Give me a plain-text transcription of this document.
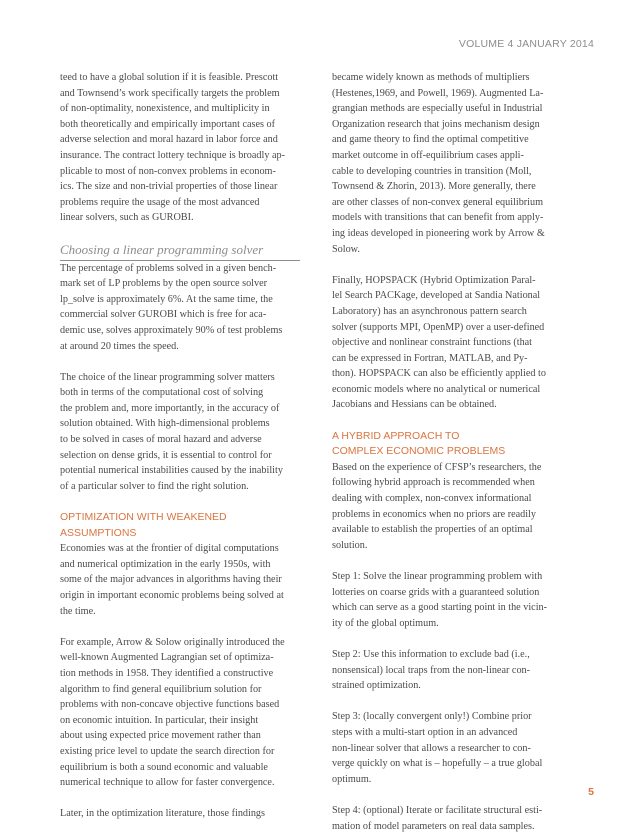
VOLUME 4 JANUARY 2014

teed to have a global solution if it is feasible. Prescott
and Townsend’s work specifically targets the problem
of non-optimality, nonexistence, and multiplicity in
both theoretically and empirically important cases of
adverse selection and moral hazard in labor force and
insurance. The contract lottery technique is broadly ap-
plicable to most of non-convex problems in econom-
ics. The size and non-trivial properties of those linear
problems require the usage of the most advanced
linear solvers, such as GUROBI.

Choosing a linear programming solver

The percentage of problems solved in a given bench-
mark set of LP problems by the open source solver
lp_solve is approximately 6%. At the same time, the
commercial solver GUROBI which is free for aca-
demic use, solves approximately 90% of test problems
at around 20 times the speed.

The choice of the linear programming solver matters
both in terms of the computational cost of solving
the problem and, more importantly, in the accuracy of
solution obtained. With high-dimensional problems
to be solved in cases of moral hazard and adverse
selection on dense grids, it is essential to control for
potential numerical instabilities caused by the inability
of a particular solver to find the right solution.

OPTIMIZATION WITH WEAKENED
ASSUMPTIONS

Economies was at the frontier of digital computations
and numerical optimization in the early 1950s, with
some of the major advances in algorithms having their
origin in important economic problems being solved at
the time.

For example, Arrow & Solow originally introduced the
well-known Augmented Lagrangian set of optimiza-
tion methods in 1958. They identified a constructive
algorithm to find general equilibrium solution for
problems with non-concave objective functions based
on economic intuition. In particular, their insight
about using expected price movement rather than
existing price level to update the search direction for
equilibrium is both a sound economic and valuable
numerical technique to allow for faster convergence.

Later, in the optimization literature, those findings

became widely known as methods of multipliers
(Hestenes,1969, and Powell, 1969). Augmented La-
grangian methods are especially useful in Industrial
Organization research that joins mechanism design
and game theory to find the optimal competitive
market outcome in off-equilibrium cases appli-
cable to developing countries in transition (Moll,
Townsend & Zhorin, 2013). More generally, there
are other classes of non-convex general equilibrium
models with transitions that can benefit from apply-
ing ideas developed in pioneering work by Arrow &
Solow.

Finally, HOPSPACK (Hybrid Optimization Paral-
lel Search PACKage, developed at Sandia National
Laboratory) has an asynchronous pattern search
solver (supports MPI, OpenMP) over a user-defined
objective and nonlinear constraint functions (that
can be expressed in Fortran, MATLAB, and Py-
thon). HOPSPACK can also be efficiently applied to
economic models where no analytical or numerical
Jacobians and Hessians can be obtained.

A HYBRID APPROACH TO
COMPLEX ECONOMIC PROBLEMS

Based on the experience of CFSP’s researchers, the
following hybrid approach is recommended when
dealing with complex, non-convex informational
problems in economics when no priors are readily
available to establish the properties of an optimal
solution.

Step 1: Solve the linear programming problem with
lotteries on coarse grids with a guaranteed solution
which can serve as a good starting point in the vicin-
ity of the global optimum.

Step 2: Use this information to exclude bad (i.e.,
nonsensical) local traps from the non-linear con-
strained optimization.

Step 3: (locally convergent only!) Combine prior
steps with a multi-start option in an advanced
non-linear solver that allows a researcher to con-
verge quickly on what is – hopefully – a true global
optimum.

Step 4: (optional) Iterate or facilitate structural esti-
mation of model parameters on real data samples.

5
